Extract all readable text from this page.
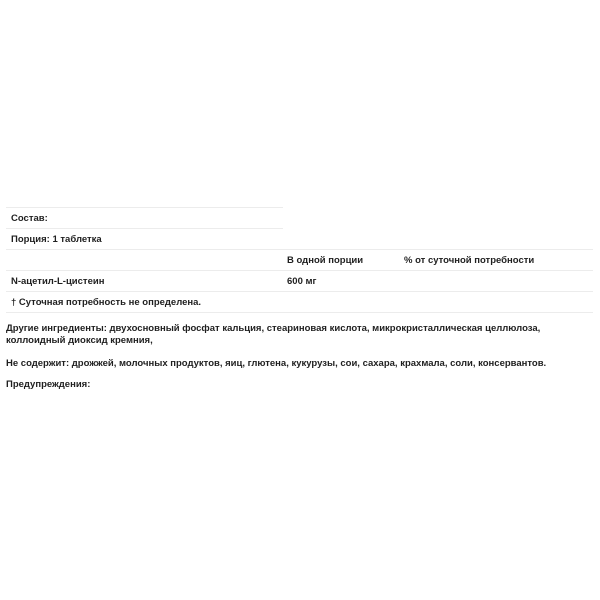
Состав:
Порция: 1 таблетка
В одной порции	% от суточной потребности
N-ацетил-L-цистеин	600 мг
† Суточная потребность не определена.
Другие ингредиенты: двухосновный фосфат кальция, стеариновая кислота, микрокристаллическая целлюлоза, коллоидный диоксид кремния,
Не содержит: дрожжей, молочных продуктов, яиц, глютена, кукурузы, сои, сахара, крахмала, соли, консервантов.
Предупреждения:
